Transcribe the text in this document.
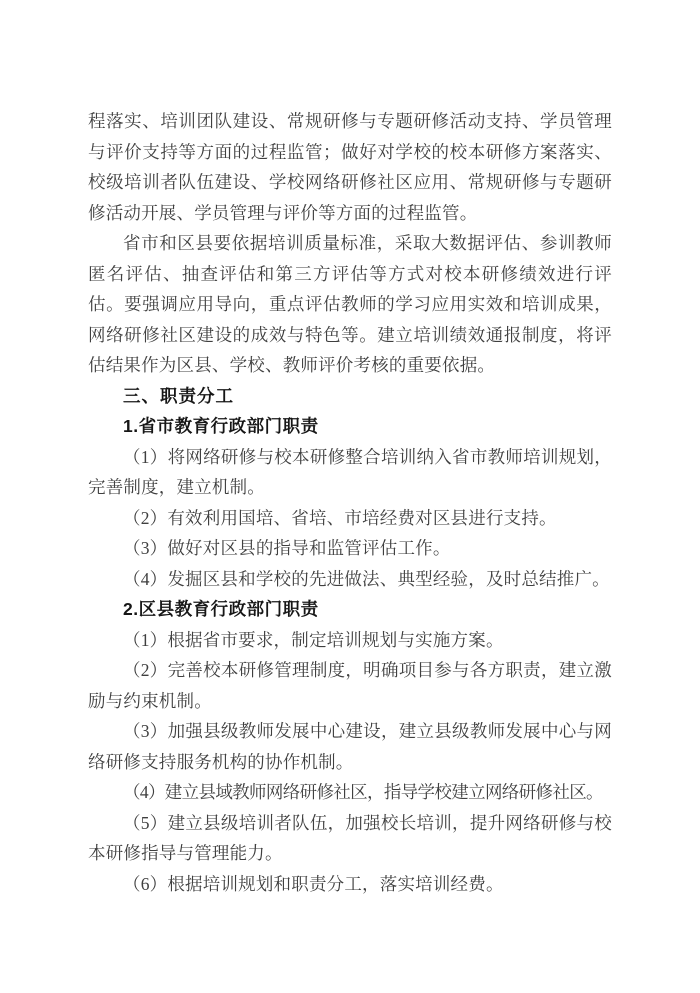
程落实、培训团队建设、常规研修与专题研修活动支持、学员管理与评价支持等方面的过程监管；做好对学校的校本研修方案落实、校级培训者队伍建设、学校网络研修社区应用、常规研修与专题研修活动开展、学员管理与评价等方面的过程监管。

省市和区县要依据培训质量标准，采取大数据评估、参训教师匿名评估、抽查评估和第三方评估等方式对校本研修绩效进行评估。要强调应用导向，重点评估教师的学习应用实效和培训成果，网络研修社区建设的成效与特色等。建立培训绩效通报制度，将评估结果作为区县、学校、教师评价考核的重要依据。

三、职责分工

1.省市教育行政部门职责

（1）将网络研修与校本研修整合培训纳入省市教师培训规划，完善制度，建立机制。

（2）有效利用国培、省培、市培经费对区县进行支持。

（3）做好对区县的指导和监管评估工作。

（4）发掘区县和学校的先进做法、典型经验，及时总结推广。

2.区县教育行政部门职责

（1）根据省市要求，制定培训规划与实施方案。

（2）完善校本研修管理制度，明确项目参与各方职责，建立激励与约束机制。

（3）加强县级教师发展中心建设，建立县级教师发展中心与网络研修支持服务机构的协作机制。

（4）建立县域教师网络研修社区，指导学校建立网络研修社区。

（5）建立县级培训者队伍，加强校长培训，提升网络研修与校本研修指导与管理能力。

（6）根据培训规划和职责分工，落实培训经费。
